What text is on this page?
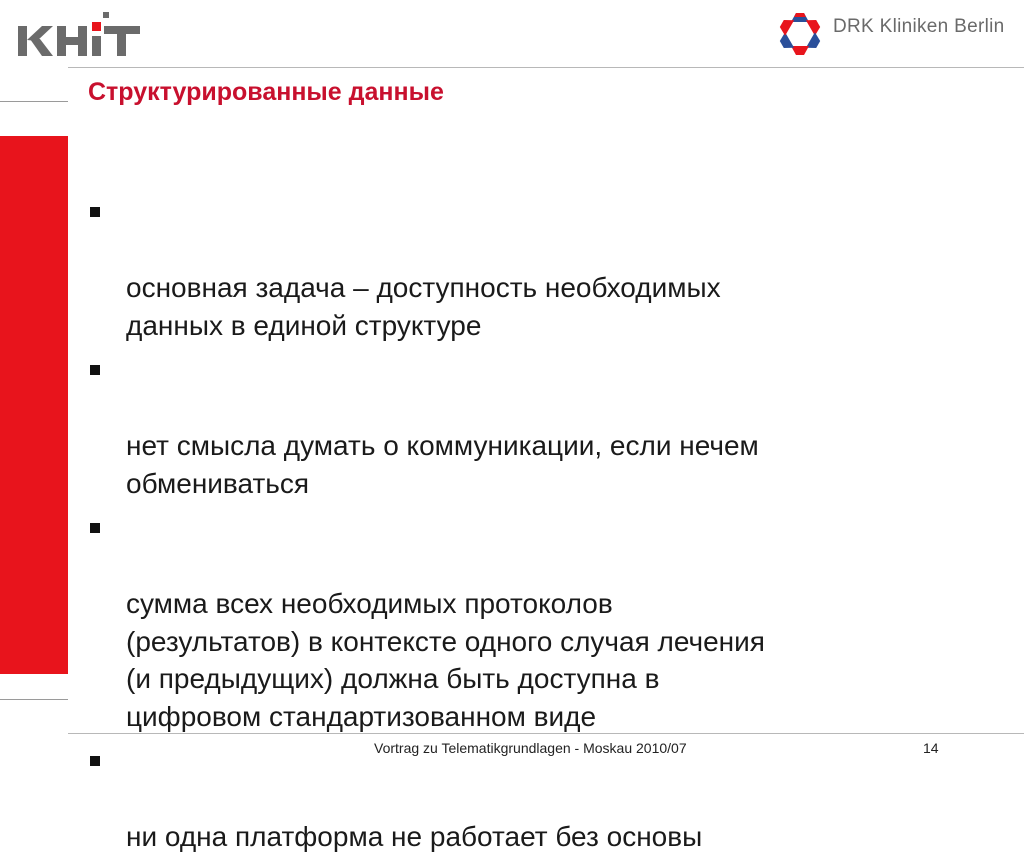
DRK Kliniken Berlin
Структурированные данные

основная задача – доступность необходимых
данных в единой структуре

нет смысла думать о коммуникации, если нечем
обмениваться

сумма всех необходимых протоколов
(результатов) в контексте одного случая лечения
(и предыдущих) должна быть доступна в
цифровом стандартизованном виде

ни одна платформа не работает без основы

Vortrag zu Telematikgrundlagen - Moskau 2010/07	14
